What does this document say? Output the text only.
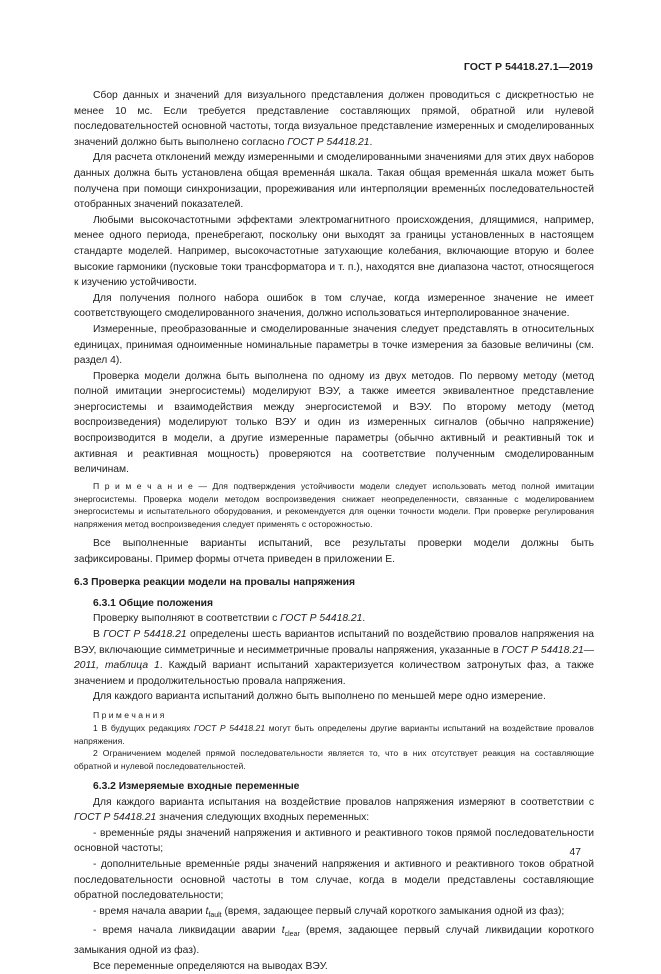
ГОСТ Р 54418.27.1—2019

Сбор данных и значений для визуального представления должен проводиться с дискретностью не менее 10 мс. Если требуется представление составляющих прямой, обратной или нулевой последовательностей основной частоты, тогда визуальное представление измеренных и смоделированных значений должно быть выполнено согласно ГОСТ Р 54418.21.

Для расчета отклонений между измеренными и смоделированными значениями для этих двух наборов данных должна быть установлена общая временна́я шкала. Такая общая временна́я шкала может быть получена при помощи синхронизации, прореживания или интерполяции временны́х последовательностей отобранных значений показателей.

Любыми высокочастотными эффектами электромагнитного происхождения, длящимися, например, менее одного периода, пренебрегают, поскольку они выходят за границы установленных в настоящем стандарте моделей. Например, высокочастотные затухающие колебания, включающие вторую и более высокие гармоники (пусковые токи трансформатора и т. п.), находятся вне диапазона частот, относящегося к изучению устойчивости.

Для получения полного набора ошибок в том случае, когда измеренное значение не имеет соответствующего смоделированного значения, должно использоваться интерполированное значение.

Измеренные, преобразованные и смоделированные значения следует представлять в относительных единицах, принимая одноименные номинальные параметры в точке измерения за базовые величины (см. раздел 4).

Проверка модели должна быть выполнена по одному из двух методов. По первому методу (метод полной имитации энергосистемы) моделируют ВЭУ, а также имеется эквивалентное представление энергосистемы и взаимодействия между энергосистемой и ВЭУ. По второму методу (метод воспроизведения) моделируют только ВЭУ и один из измеренных сигналов (обычно напряжение) воспроизводится в модели, а другие измеренные параметры (обычно активный и реактивный ток и активная и реактивная мощность) проверяются на соответствие полученным смоделированным величинам.

П р и м е ч а н и е — Для подтверждения устойчивости модели следует использовать метод полной имитации энергосистемы. Проверка модели методом воспроизведения снижает неопределенности, связанные с моделированием энергосистемы и испытательного оборудования, и рекомендуется для оценки точности модели. При проверке регулирования напряжения метод воспроизведения следует применять с осторожностью.

Все выполненные варианты испытаний, все результаты проверки модели должны быть зафиксированы. Пример формы отчета приведен в приложении Е.

6.3 Проверка реакции модели на провалы напряжения
6.3.1 Общие положения

Проверку выполняют в соответствии с ГОСТ Р 54418.21.

В ГОСТ Р 54418.21 определены шесть вариантов испытаний по воздействию провалов напряжения на ВЭУ, включающие симметричные и несимметричные провалы напряжения, указанные в ГОСТ Р 54418.21—2011, таблица 1. Каждый вариант испытаний характеризуется количеством затронутых фаз, а также значением и продолжительностью провала напряжения.

Для каждого варианта испытаний должно быть выполнено по меньшей мере одно измерение.

П р и м е ч а н и я

1 В будущих редакциях ГОСТ Р 54418.21 могут быть определены другие варианты испытаний на воздействие провалов напряжения.

2 Ограничением моделей прямой последовательности является то, что в них отсутствует реакция на составляющие обратной и нулевой последовательностей.

6.3.2 Измеряемые входные переменные

Для каждого варианта испытания на воздействие провалов напряжения измеряют в соответствии с ГОСТ Р 54418.21 значения следующих входных переменных:

- временны́е ряды значений напряжения и активного и реактивного токов прямой последовательности основной частоты;

- дополнительные временны́е ряды значений напряжения и активного и реактивного токов обратной последовательности основной частоты в том случае, когда в модели представлены составляющие обратной последовательности;

- время начала аварии $t_{fault}$ (время, задающее первый случай короткого замыкания одной из фаз);

- время начала ликвидации аварии $t_{clear}$ (время, задающее первый случай ликвидации короткого замыкания одной из фаз).

Все переменные определяются на выводах ВЭУ.

47
